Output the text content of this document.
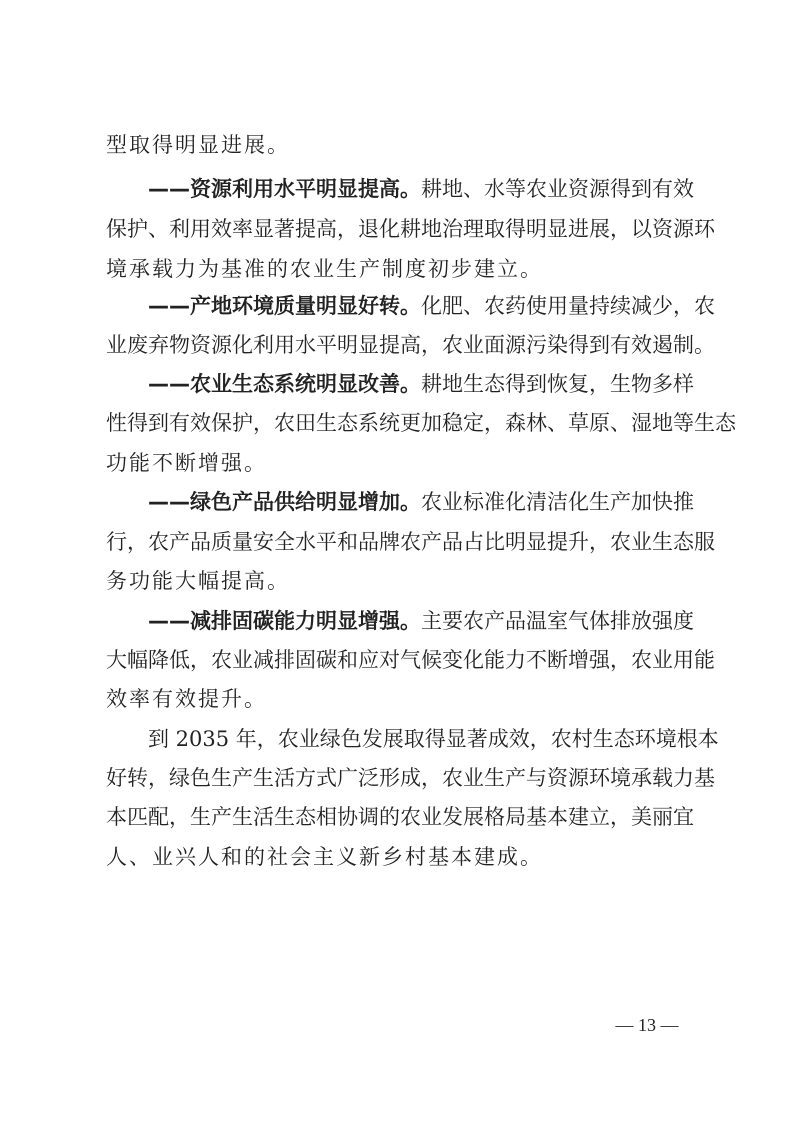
型取得明显进展。
——资源利用水平明显提高。耕地、水等农业资源得到有效
保护、利用效率显著提高，退化耕地治理取得明显进展，以资源环
境承载力为基准的农业生产制度初步建立。
——产地环境质量明显好转。化肥、农药使用量持续减少，农
业废弃物资源化利用水平明显提高，农业面源污染得到有效遏制。
——农业生态系统明显改善。耕地生态得到恢复，生物多样
性得到有效保护，农田生态系统更加稳定，森林、草原、湿地等生态
功能不断增强。
——绿色产品供给明显增加。农业标准化清洁化生产加快推
行，农产品质量安全水平和品牌农产品占比明显提升，农业生态服
务功能大幅提高。
——减排固碳能力明显增强。主要农产品温室气体排放强度
大幅降低，农业减排固碳和应对气候变化能力不断增强，农业用能
效率有效提升。
到 2035 年，农业绿色发展取得显著成效，农村生态环境根本
好转，绿色生产生活方式广泛形成，农业生产与资源环境承载力基
本匹配，生产生活生态相协调的农业发展格局基本建立，美丽宜
人、业兴人和的社会主义新乡村基本建成。
— 13 —
